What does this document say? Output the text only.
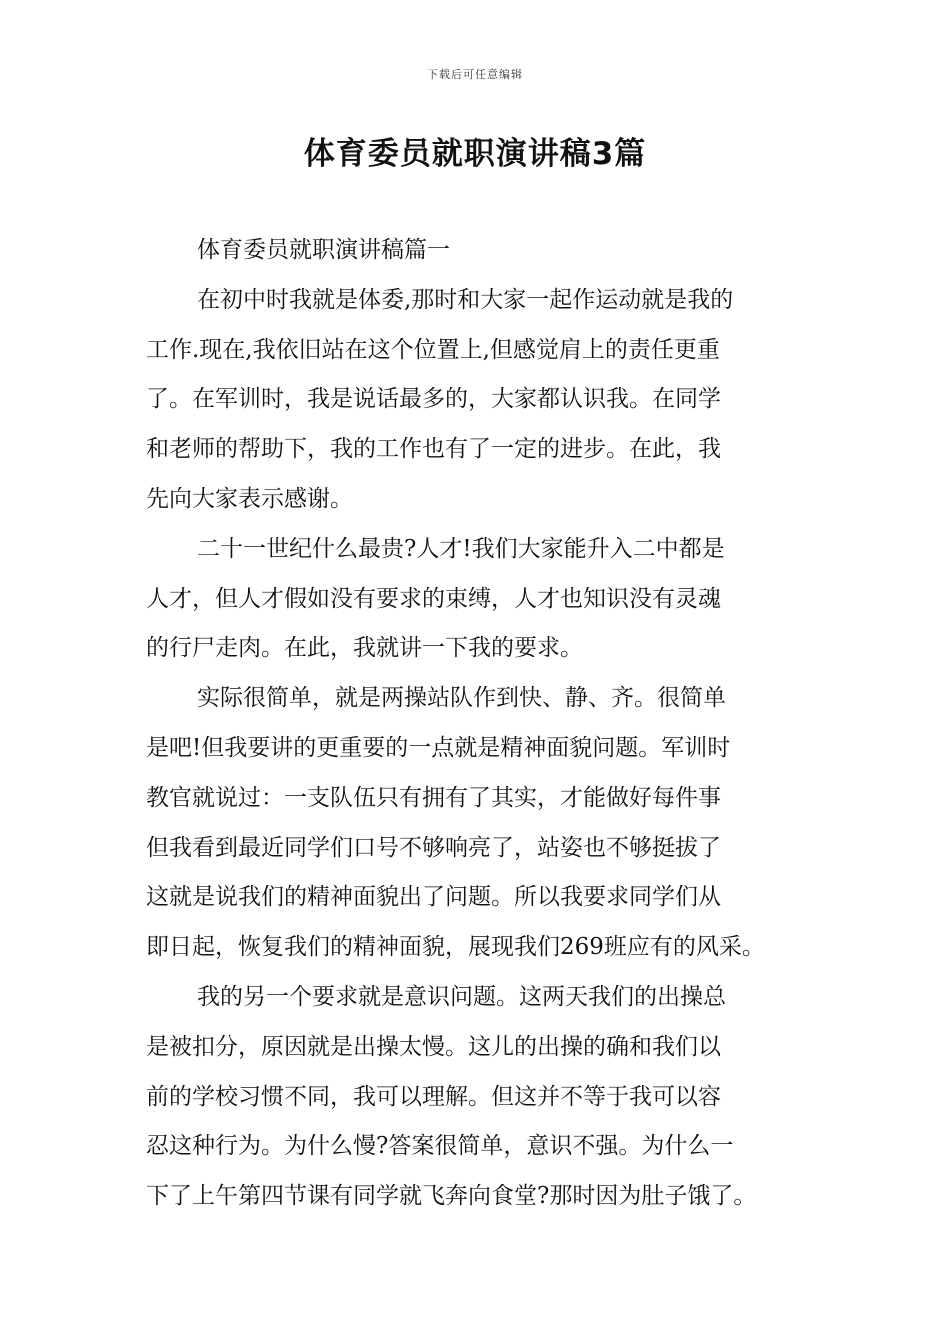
下载后可任意编辑
体育委员就职演讲稿3篇
体育委员就职演讲稿篇一
在初中时我就是体委,那时和大家一起作运动就是我的
工作.现在,我依旧站在这个位置上,但感觉肩上的责任更重
了。在军训时，我是说话最多的，大家都认识我。在同学
和老师的帮助下，我的工作也有了一定的进步。在此，我
先向大家表示感谢。
二十一世纪什么最贵?人才!我们大家能升入二中都是
人才，但人才假如没有要求的束缚，人才也知识没有灵魂
的行尸走肉。在此，我就讲一下我的要求。
实际很简单，就是两操站队作到快、静、齐。很简单
是吧!但我要讲的更重要的一点就是精神面貌问题。军训时
教官就说过：一支队伍只有拥有了其实，才能做好每件事
但我看到最近同学们口号不够响亮了，站姿也不够挺拔了
这就是说我们的精神面貌出了问题。所以我要求同学们从
即日起，恢复我们的精神面貌，展现我们269班应有的风采。
我的另一个要求就是意识问题。这两天我们的出操总
是被扣分，原因就是出操太慢。这儿的出操的确和我们以
前的学校习惯不同，我可以理解。但这并不等于我可以容
忍这种行为。为什么慢?答案很简单，意识不强。为什么一
下了上午第四节课有同学就飞奔向食堂?那时因为肚子饿了。
